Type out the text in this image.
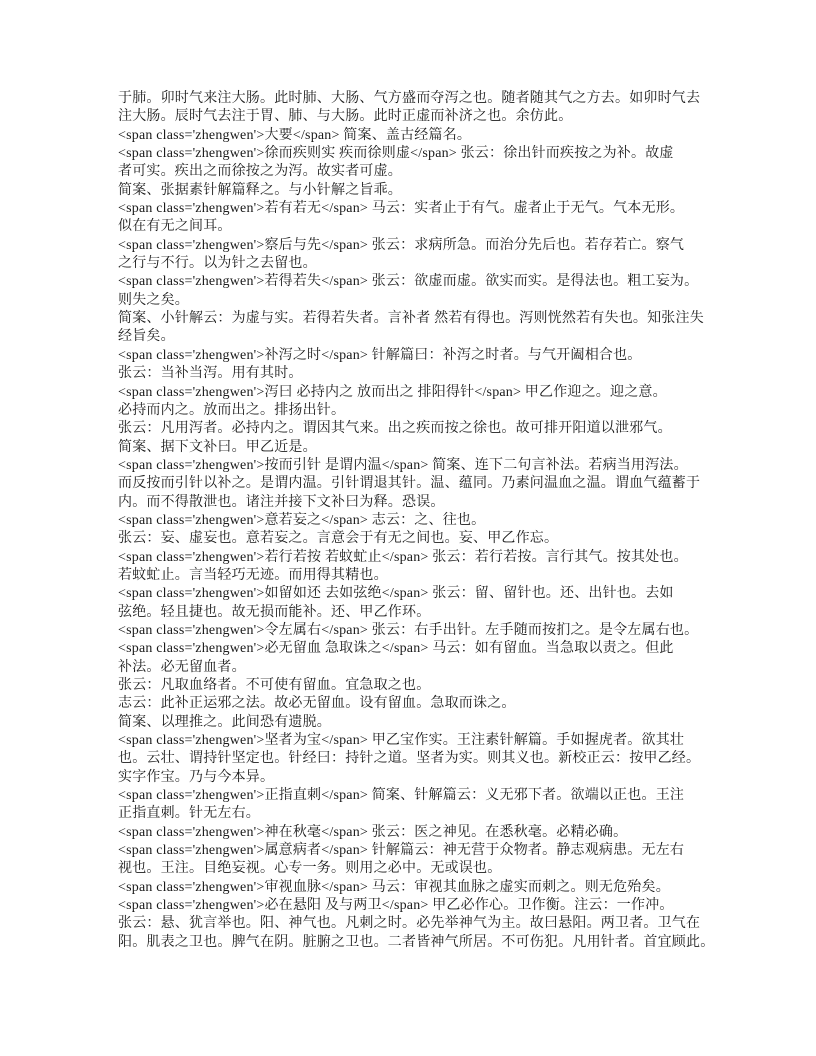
于肺。卯时气来注大肠。此时肺、大肠、气方盛而夺泻之也。随者随其气之方去。如卯时气去
注大肠。辰时气去注于胃、肺、与大肠。此时正虚而补济之也。余仿此。
<span class='zhengwen'>大要</span> 简案、盖古经篇名。
<span class='zhengwen'>徐而疾则实 疾而徐则虚</span> 张云：徐出针而疾按之为补。故虚
者可实。疾出之而徐按之为泻。故实者可虚。
简案、张据素针解篇释之。与小针解之旨乖。
<span class='zhengwen'>若有若无</span> 马云：实者止于有气。虚者止于无气。气本无形。
似在有无之间耳。
<span class='zhengwen'>察后与先</span> 张云：求病所急。而治分先后也。若存若亡。察气
之行与不行。以为针之去留也。
<span class='zhengwen'>若得若失</span> 张云：欲虚而虚。欲实而实。是得法也。粗工妄为。
则失之矣。
简案、小针解云：为虚与实。若得若失者。言补者 然若有得也。泻则恍然若有失也。知张注失
经旨矣。
<span class='zhengwen'>补泻之时</span> 针解篇曰：补泻之时者。与气开阖相合也。
张云：当补当泻。用有其时。
<span class='zhengwen'>泻曰 必持内之 放而出之 排阳得针</span> 甲乙作迎之。迎之意。
必持而内之。放而出之。排扬出针。
张云：凡用泻者。必持内之。谓因其气来。出之疾而按之徐也。故可排开阳道以泄邪气。
简案、据下文补曰。甲乙近是。
<span class='zhengwen'>按而引针 是谓内温</span> 简案、连下二句言补法。若病当用泻法。
而反按而引针以补之。是谓内温。引针谓退其针。温、蕴同。乃素问温血之温。谓血气蕴蓄于
内。而不得散泄也。诸注并接下文补曰为释。恐误。
<span class='zhengwen'>意若妄之</span> 志云：之、往也。
张云：妄、虚妄也。意若妄之。言意会于有无之间也。妄、甲乙作忘。
<span class='zhengwen'>若行若按 若蚊虻止</span> 张云：若行若按。言行其气。按其处也。
若蚊虻止。言当轻巧无迹。而用得其精也。
<span class='zhengwen'>如留如还 去如弦绝</span> 张云：留、留针也。还、出针也。去如
弦绝。轻且捷也。故无损而能补。还、甲乙作环。
<span class='zhengwen'>令左属右</span> 张云：右手出针。左手随而按扪之。是令左属右也。
<span class='zhengwen'>必无留血 急取诛之</span> 马云：如有留血。当急取以责之。但此
补法。必无留血者。
张云：凡取血络者。不可使有留血。宜急取之也。
志云：此补正运邪之法。故必无留血。设有留血。急取而诛之。
简案、以理推之。此间恐有遗脱。
<span class='zhengwen'>坚者为宝</span> 甲乙宝作实。王注素针解篇。手如握虎者。欲其壮
也。云壮、谓持针坚定也。针经曰：持针之道。坚者为实。则其义也。新校正云：按甲乙经。
实字作宝。乃与今本异。
<span class='zhengwen'>正指直刺</span> 简案、针解篇云：义无邪下者。欲端以正也。王注
正指直刺。针无左右。
<span class='zhengwen'>神在秋毫</span> 张云：医之神见。在悉秋毫。必精必确。
<span class='zhengwen'>属意病者</span> 针解篇云：神无营于众物者。静志观病患。无左右
视也。王注。目绝妄视。心专一务。则用之必中。无或误也。
<span class='zhengwen'>审视血脉</span> 马云：审视其血脉之虚实而刺之。则无危殆矣。
<span class='zhengwen'>必在悬阳 及与两卫</span> 甲乙必作心。卫作衡。注云：一作冲。
张云：悬、犹言举也。阳、神气也。凡刺之时。必先举神气为主。故曰悬阳。两卫者。卫气在
阳。肌表之卫也。脾气在阴。脏腑之卫也。二者皆神气所居。不可伤犯。凡用针者。首宜顾此。
